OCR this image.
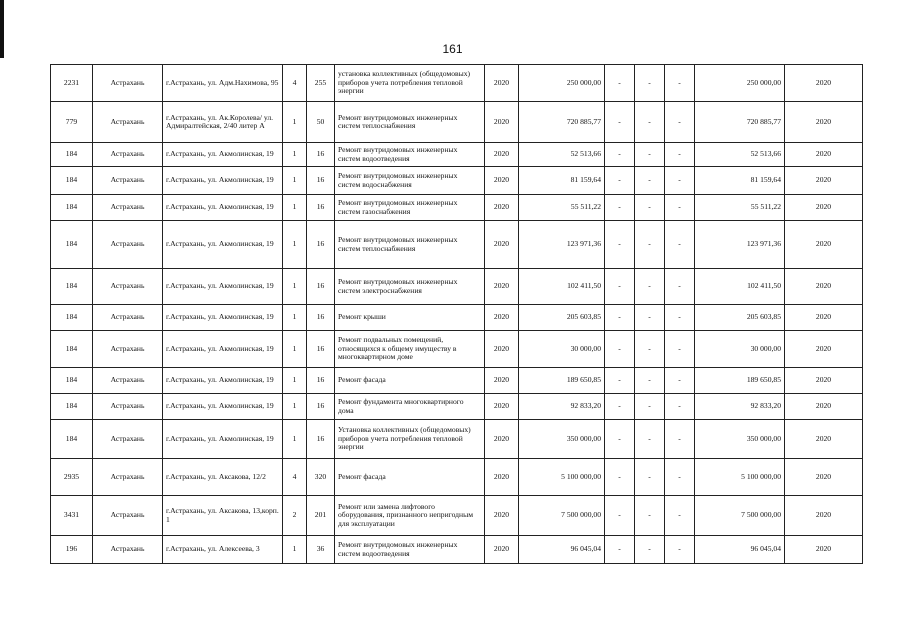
161
2231	Астрахань	г.Астрахань, ул. Адм.Нахимова, 95	4	255	установка коллективных (общедомовых) приборов учета потребления тепловой энергии	2020	250 000,00	-	-	-	250 000,00	2020
779	Астрахань	г.Астрахань, ул. Ак.Королева/ ул. Адмиралтейская, 2/40 литер А	1	50	Ремонт внутридомовых инженерных систем теплоснабжения	2020	720 885,77	-	-	-	720 885,77	2020
184	Астрахань	г.Астрахань, ул. Акмолинская, 19	1	16	Ремонт внутридомовых инженерных систем водоотведения	2020	52 513,66	-	-	-	52 513,66	2020
184	Астрахань	г.Астрахань, ул. Акмолинская, 19	1	16	Ремонт внутридомовых инженерных систем водоснабжения	2020	81 159,64	-	-	-	81 159,64	2020
184	Астрахань	г.Астрахань, ул. Акмолинская, 19	1	16	Ремонт внутридомовых инженерных систем газоснабжения	2020	55 511,22	-	-	-	55 511,22	2020
184	Астрахань	г.Астрахань, ул. Акмолинская, 19	1	16	Ремонт внутридомовых инженерных систем теплоснабжения	2020	123 971,36	-	-	-	123 971,36	2020
184	Астрахань	г.Астрахань, ул. Акмолинская, 19	1	16	Ремонт внутридомовых инженерных систем электроснабжения	2020	102 411,50	-	-	-	102 411,50	2020
184	Астрахань	г.Астрахань, ул. Акмолинская, 19	1	16	Ремонт крыши	2020	205 603,85	-	-	-	205 603,85	2020
184	Астрахань	г.Астрахань, ул. Акмолинская, 19	1	16	Ремонт подвальных помещений, относящихся к общему имуществу в многоквартирном доме	2020	30 000,00	-	-	-	30 000,00	2020
184	Астрахань	г.Астрахань, ул. Акмолинская, 19	1	16	Ремонт фасада	2020	189 650,85	-	-	-	189 650,85	2020
184	Астрахань	г.Астрахань, ул. Акмолинская, 19	1	16	Ремонт фундамента многоквартирного дома	2020	92 833,20	-	-	-	92 833,20	2020
184	Астрахань	г.Астрахань, ул. Акмолинская, 19	1	16	Установка коллективных (общедомовых) приборов учета потребления тепловой энергии	2020	350 000,00	-	-	-	350 000,00	2020
2935	Астрахань	г.Астрахань, ул. Аксакова, 12/2	4	320	Ремонт фасада	2020	5 100 000,00	-	-	-	5 100 000,00	2020
3431	Астрахань	г.Астрахань, ул. Аксакова, 13,корп. 1	2	201	Ремонт или замена лифтового оборудования, признанного непригодным для эксплуатации	2020	7 500 000,00	-	-	-	7 500 000,00	2020
196	Астрахань	г.Астрахань, ул. Алексеева, 3	1	36	Ремонт внутридомовых инженерных систем водоотведения	2020	96 045,04	-	-	-	96 045,04	2020
